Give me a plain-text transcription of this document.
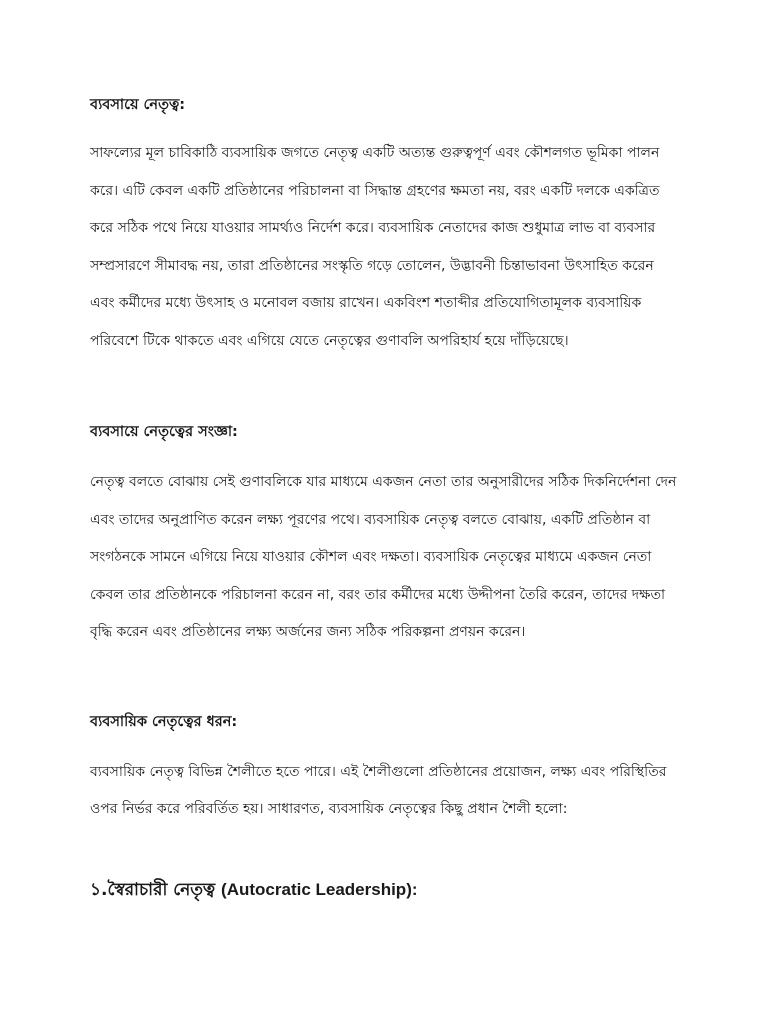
ব্যবসায়ে নেতৃত্ব:

সাফল্যের মূল চাবিকাঠি ব্যবসায়িক জগতে নেতৃত্ব একটি অত্যন্ত গুরুত্বপূর্ণ এবং কৌশলগত ভূমিকা পালন করে। এটি কেবল একটি প্রতিষ্ঠানের পরিচালনা বা সিদ্ধান্ত গ্রহণের ক্ষমতা নয়, বরং একটি দলকে একত্রিত করে সঠিক পথে নিয়ে যাওয়ার সামর্থ্যও নির্দেশ করে। ব্যবসায়িক নেতাদের কাজ শুধুমাত্র লাভ বা ব্যবসার সম্প্রসারণে সীমাবদ্ধ নয়, তারা প্রতিষ্ঠানের সংস্কৃতি গড়ে তোলেন, উদ্ভাবনী চিন্তাভাবনা উৎসাহিত করেন এবং কর্মীদের মধ্যে উৎসাহ ও মনোবল বজায় রাখেন। একবিংশ শতাব্দীর প্রতিযোগিতামূলক ব্যবসায়িক পরিবেশে টিকে থাকতে এবং এগিয়ে যেতে নেতৃত্বের গুণাবলি অপরিহার্য হয়ে দাঁড়িয়েছে।

ব্যবসায়ে নেতৃত্বের সংজ্ঞা:

নেতৃত্ব বলতে বোঝায় সেই গুণাবলিকে যার মাধ্যমে একজন নেতা তার অনুসারীদের সঠিক দিকনির্দেশনা দেন এবং তাদের অনুপ্রাণিত করেন লক্ষ্য পূরণের পথে। ব্যবসায়িক নেতৃত্ব বলতে বোঝায়, একটি প্রতিষ্ঠান বা সংগঠনকে সামনে এগিয়ে নিয়ে যাওয়ার কৌশল এবং দক্ষতা। ব্যবসায়িক নেতৃত্বের মাধ্যমে একজন নেতা কেবল তার প্রতিষ্ঠানকে পরিচালনা করেন না, বরং তার কর্মীদের মধ্যে উদ্দীপনা তৈরি করেন, তাদের দক্ষতা বৃদ্ধি করেন এবং প্রতিষ্ঠানের লক্ষ্য অর্জনের জন্য সঠিক পরিকল্পনা প্রণয়ন করেন।

ব্যবসায়িক নেতৃত্বের ধরন:

ব্যবসায়িক নেতৃত্ব বিভিন্ন শৈলীতে হতে পারে। এই শৈলীগুলো প্রতিষ্ঠানের প্রয়োজন, লক্ষ্য এবং পরিস্থিতির ওপর নির্ভর করে পরিবর্তিত হয়। সাধারণত, ব্যবসায়িক নেতৃত্বের কিছু প্রধান শৈলী হলো:

১.স্বৈরাচারী নেতৃত্ব (Autocratic Leadership):
